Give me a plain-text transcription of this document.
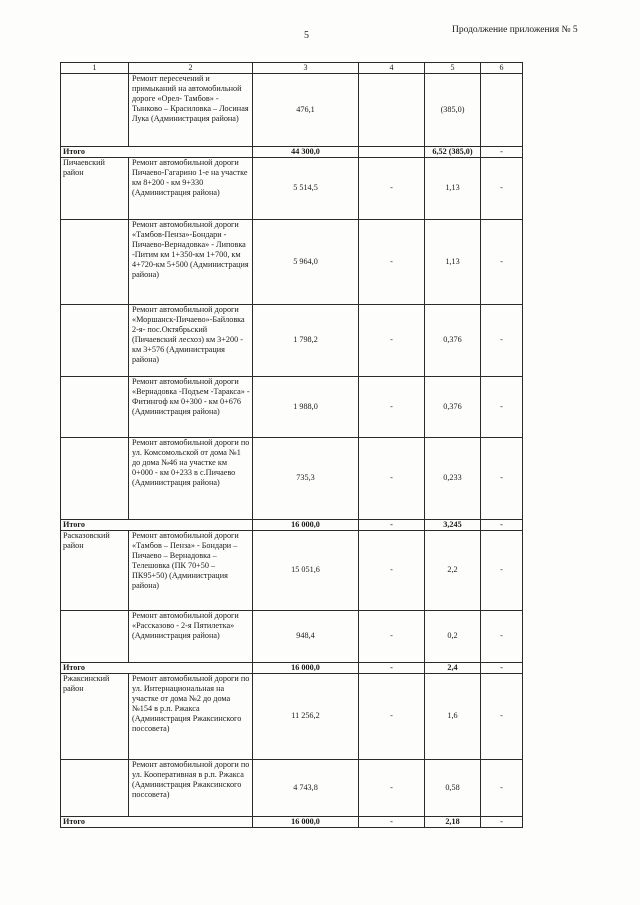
5	Продолжение приложения № 5
1	2	3	4	5	6
	Ремонт пересечений и примыканий на автомобильной дороге «Орел- Тамбов» - Тынково – Красиловка – Лосиная Лука (Администрация района)	476,1		(385,0)	
Итого		44 300,0		6,52 (385,0)	-
Пичаевский район	Ремонт автомобильной дороги Пичаево-Гагарино 1-е на участке км 8+200 - км 9+330 (Администрация района)	5 514,5	-	1,13	-
	Ремонт автомобильной дороги «Тамбов-Пенза»-Бондари - Пичаево-Вернадовка» - Липовка -Питим км 1+350-км 1+700, км 4+720-км 5+500 (Администрация района)	5 964,0	-	1,13	-
	Ремонт автомобильной дороги «Моршанск-Пичаево»-Байловка 2-я- пос.Октябрьский (Пичаевский лесхоз) км 3+200 - км 3+576 (Администрация района)	1 798,2	-	0,376	-
	Ремонт автомобильной дороги «Вернадовка -Подъем -Таракса» - Фитингоф км 0+300 - км 0+676 (Администрация района)	1 988,0	-	0,376	-
	Ремонт автомобильной дороги по ул. Комсомольской от дома №1 до дома №46 на участке км 0+000 - км 0+233 в с.Пичаево (Администрация района)	735,3	-	0,233	-
Итого		16 000,0	-	3,245	-
Расказовский район	Ремонт автомобильной дороги «Тамбов – Пенза» - Бондари – Пичаево – Вернадовка – Телешовка (ПК 70+50 – ПК95+50) (Администрация района)	15 051,6	-	2,2	-
	Ремонт автомобильной дороги «Рассказово - 2-я Пятилетка» (Администрация района)	948,4	-	0,2	-
Итого		16 000,0	-	2,4	-
Ржаксинский район	Ремонт автомобильной дороги по ул. Интернациональная на участке от дома №2 до дома №154 в р.п. Ржакса (Администрация Ржаксинского поссовета)	11 256,2	-	1,6	-
	Ремонт автомобильной дороги по ул. Кооперативная в р.п. Ржакса (Администрация Ржаксинского поссовета)	4 743,8	-	0,58	-
Итого		16 000,0	-	2,18	-
